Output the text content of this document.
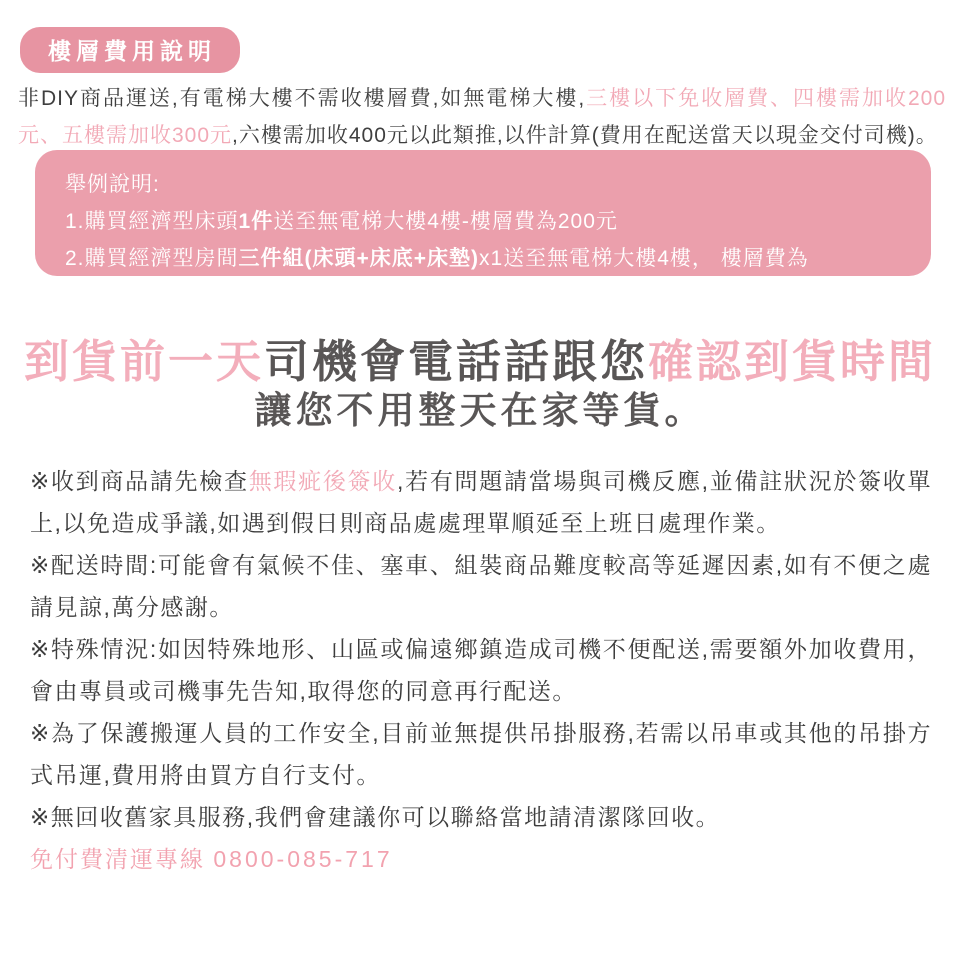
樓層費用說明

非DIY商品運送,有電梯大樓不需收樓層費,如無電梯大樓,三樓以下免收層費、四樓需加收200元、五樓需加收300元,六樓需加收400元以此類推,以件計算(費用在配送當天以現金交付司機)。

舉例說明:
1.購買經濟型床頭1件送至無電梯大樓4樓-樓層費為200元
2.購買經濟型房間三件組(床頭+床底+床墊)x1送至無電梯大樓4樓， 樓層費為200x3=600元整
到貨前一天司機會電話話跟您確認到貨時間
讓您不用整天在家等貨。

※收到商品請先檢查無瑕疵後簽收,若有問題請當場與司機反應,並備註狀況於簽收單上,以免造成爭議,如遇到假日則商品處處理單順延至上班日處理作業。

※配送時間:可能會有氣候不佳、塞車、組裝商品難度較高等延遲因素,如有不便之處請見諒,萬分感謝。

※特殊情況:如因特殊地形、山區或偏遠鄉鎮造成司機不便配送,需要額外加收費用， 會由專員或司機事先告知,取得您的同意再行配送。

※為了保護搬運人員的工作安全,目前並無提供吊掛服務,若需以吊車或其他的吊掛方式吊運,費用將由買方自行支付。

※無回收舊家具服務,我們會建議你可以聯絡當地請清潔隊回收。

免付費清運專線 0800-085-717
